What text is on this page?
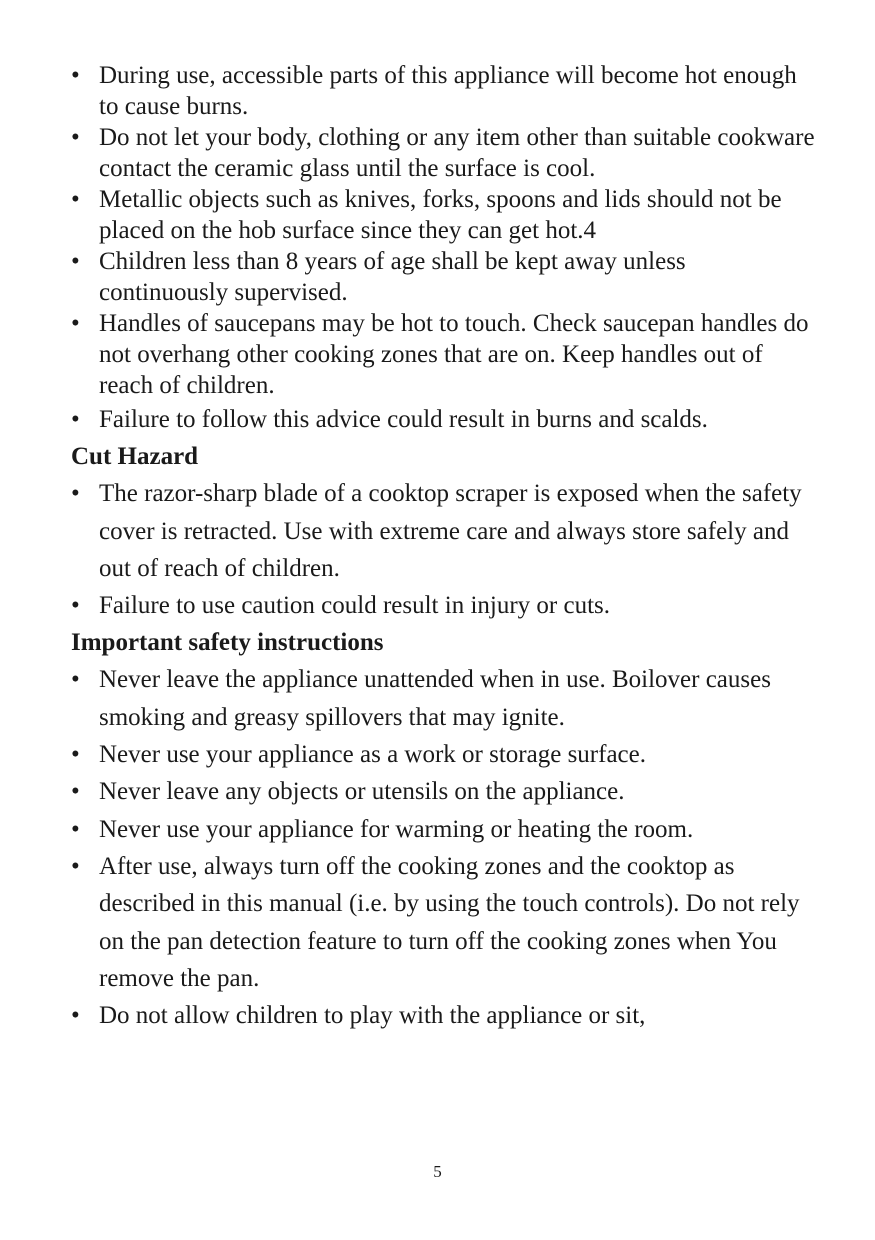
• During use, accessible parts of this appliance will become hot enough to cause burns.
• Do not let your body, clothing or any item other than suitable cookware contact the ceramic glass until the surface is cool.
• Metallic objects such as knives, forks, spoons and lids should not be placed on the hob surface since they can get hot.4
• Children less than 8 years of age shall be kept away unless continuously supervised.
• Handles of saucepans may be hot to touch. Check saucepan handles do not overhang other cooking zones that are on. Keep handles out of reach of children.
• Failure to follow this advice could result in burns and scalds.
Cut Hazard
• The razor-sharp blade of a cooktop scraper is exposed when the safety cover is retracted. Use with extreme care and always store safely and out of reach of children.
• Failure to use caution could result in injury or cuts.
Important safety instructions
• Never leave the appliance unattended when in use. Boilover causes smoking and greasy spillovers that may ignite.
• Never use your appliance as a work or storage surface.
• Never leave any objects or utensils on the appliance.
• Never use your appliance for warming or heating the room.
• After use, always turn off the cooking zones and the cooktop as described in this manual (i.e. by using the touch controls). Do not rely on the pan detection feature to turn off the cooking zones when You remove the pan.
• Do not allow children to play with the appliance or sit,
5
